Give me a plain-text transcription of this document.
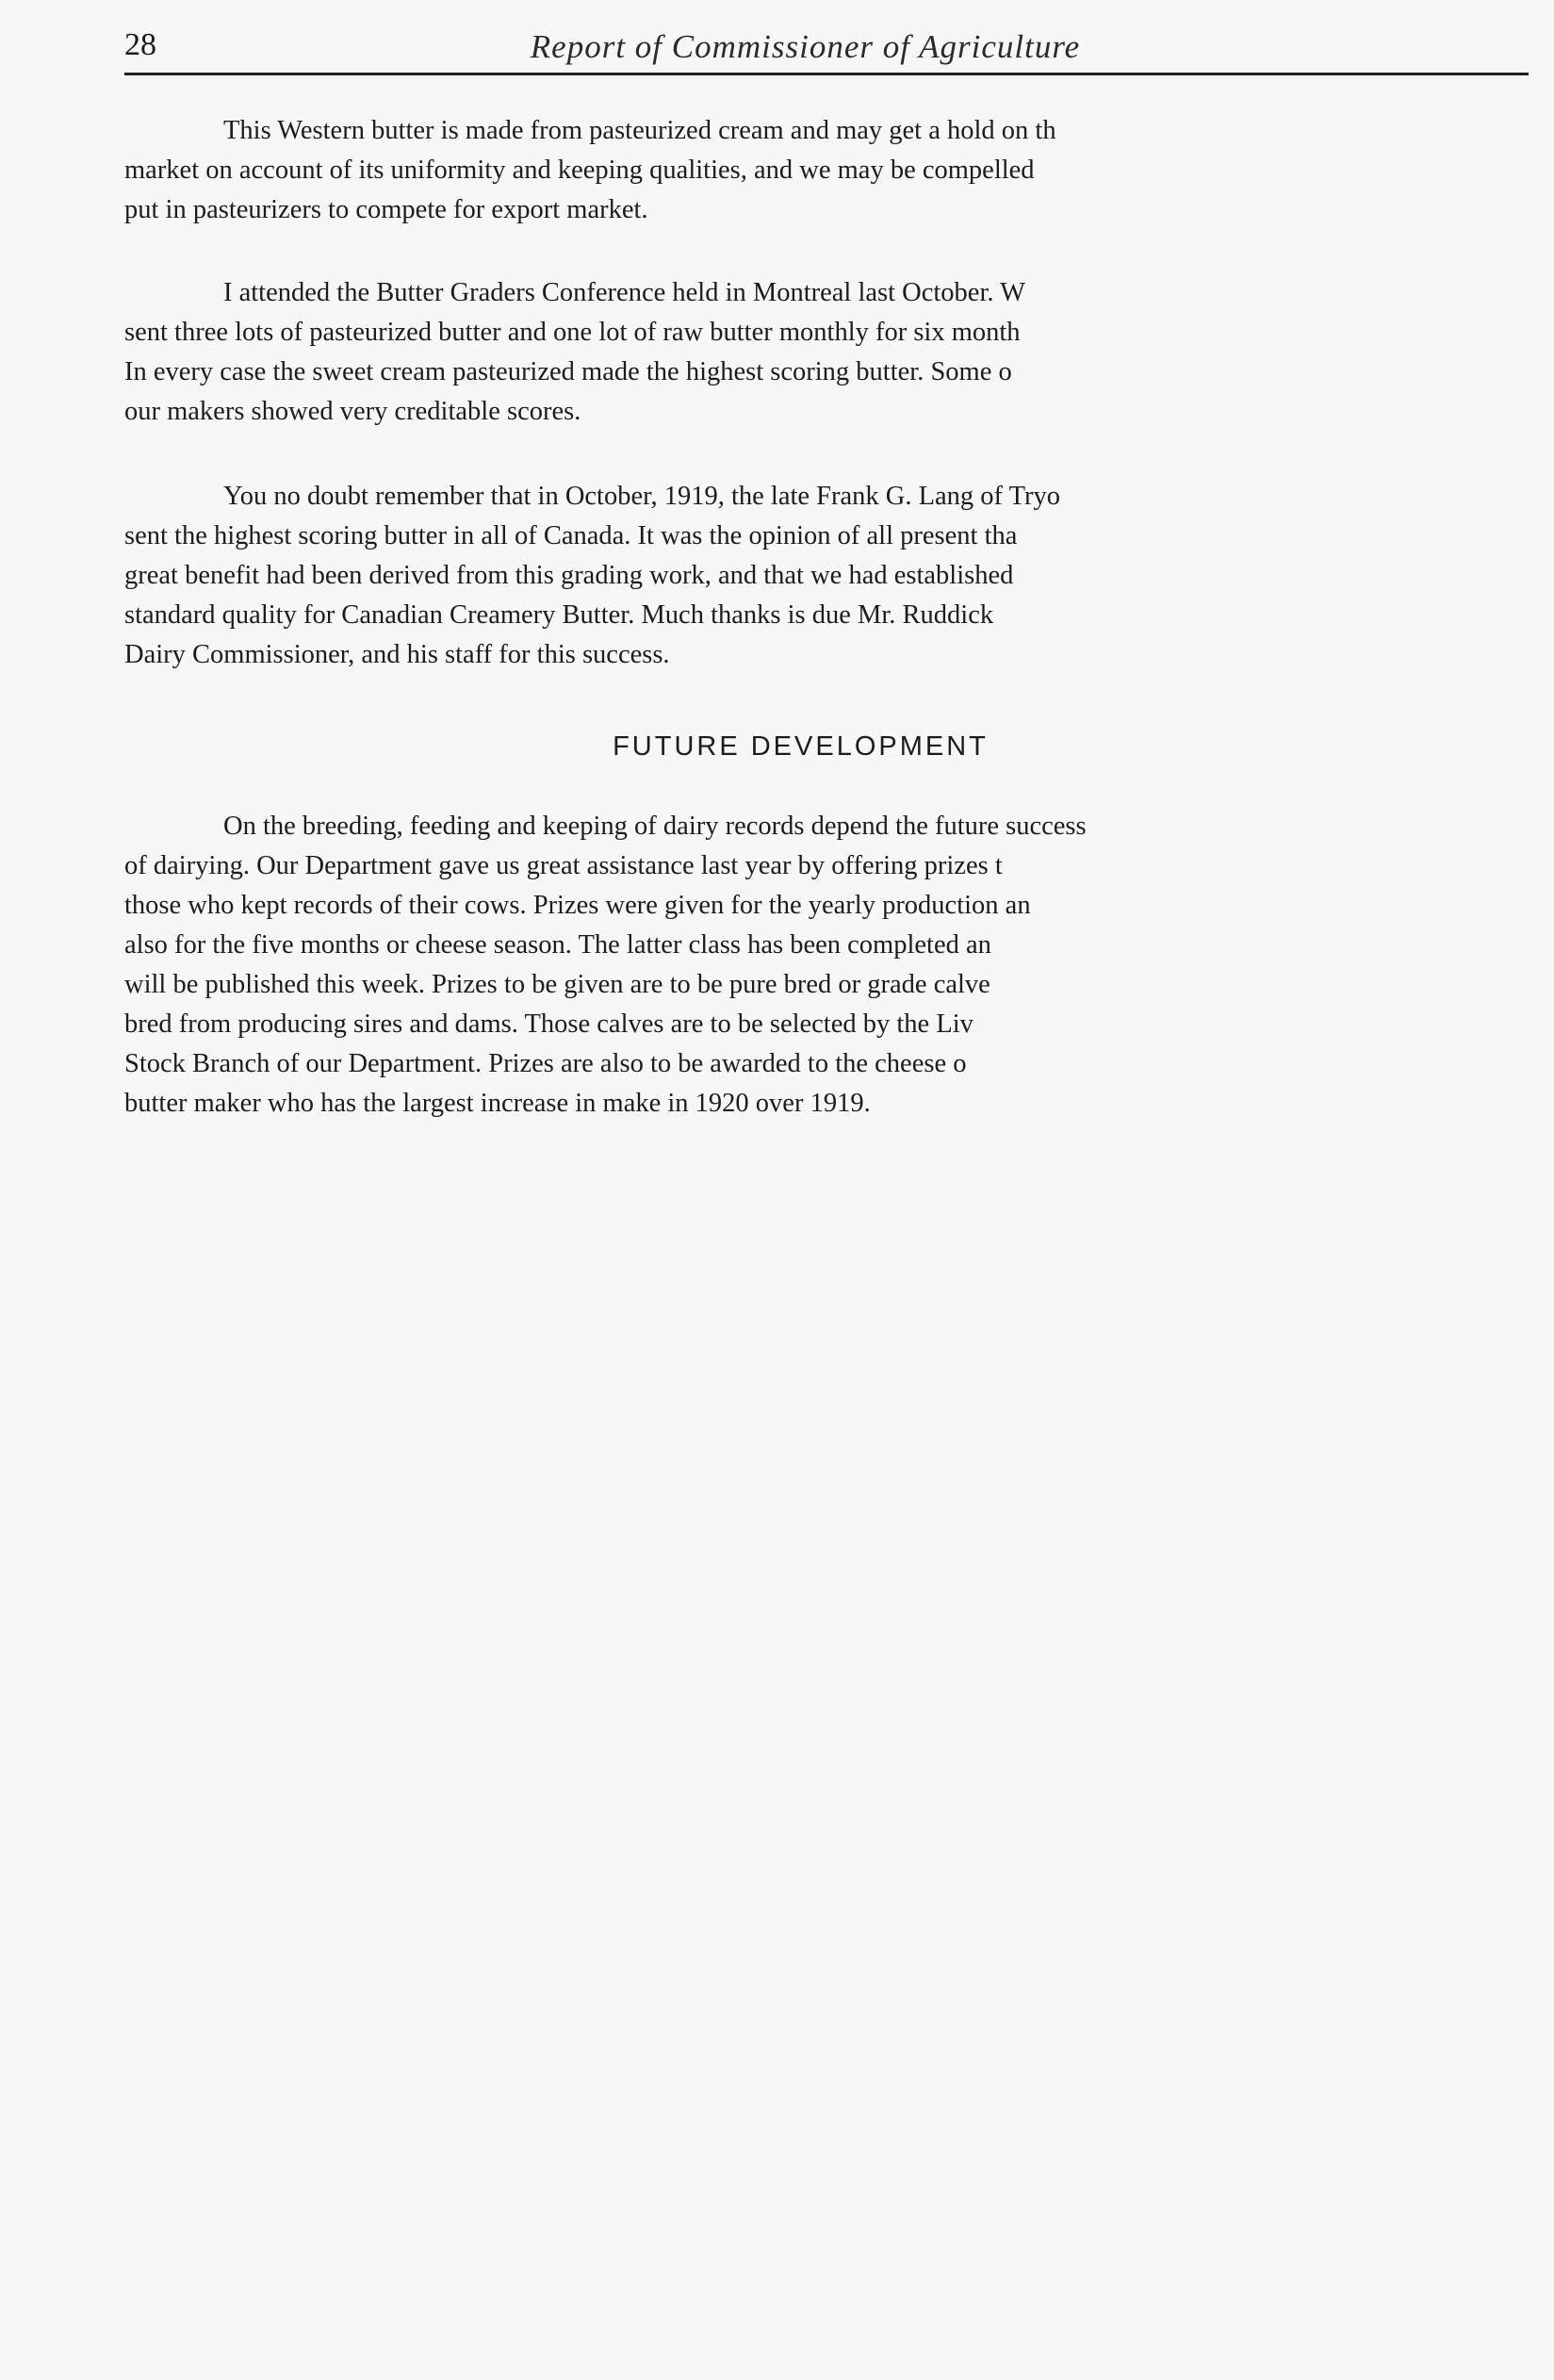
28	Report of Commissioner of Agriculture
This Western butter is made from pasteurized cream and may get a hold on th
market on account of its uniformity and keeping qualities, and we may be compelled
put in pasteurizers to compete for export market.
I attended the Butter Graders Conference held in Montreal last October. W
sent three lots of pasteurized butter and one lot of raw butter monthly for six month
In every case the sweet cream pasteurized made the highest scoring butter. Some o
our makers showed very creditable scores.
You no doubt remember that in October, 1919, the late Frank G. Lang of Tryo
sent the highest scoring butter in all of Canada. It was the opinion of all present tha
great benefit had been derived from this grading work, and that we had established
standard quality for Canadian Creamery Butter. Much thanks is due Mr. Ruddick
Dairy Commissioner, and his staff for this success.
FUTURE DEVELOPMENT
On the breeding, feeding and keeping of dairy records depend the future success
of dairying. Our Department gave us great assistance last year by offering prizes t
those who kept records of their cows. Prizes were given for the yearly production an
also for the five months or cheese season. The latter class has been completed an
will be published this week. Prizes to be given are to be pure bred or grade calve
bred from producing sires and dams. Those calves are to be selected by the Liv
Stock Branch of our Department. Prizes are also to be awarded to the cheese o
butter maker who has the largest increase in make in 1920 over 1919.
